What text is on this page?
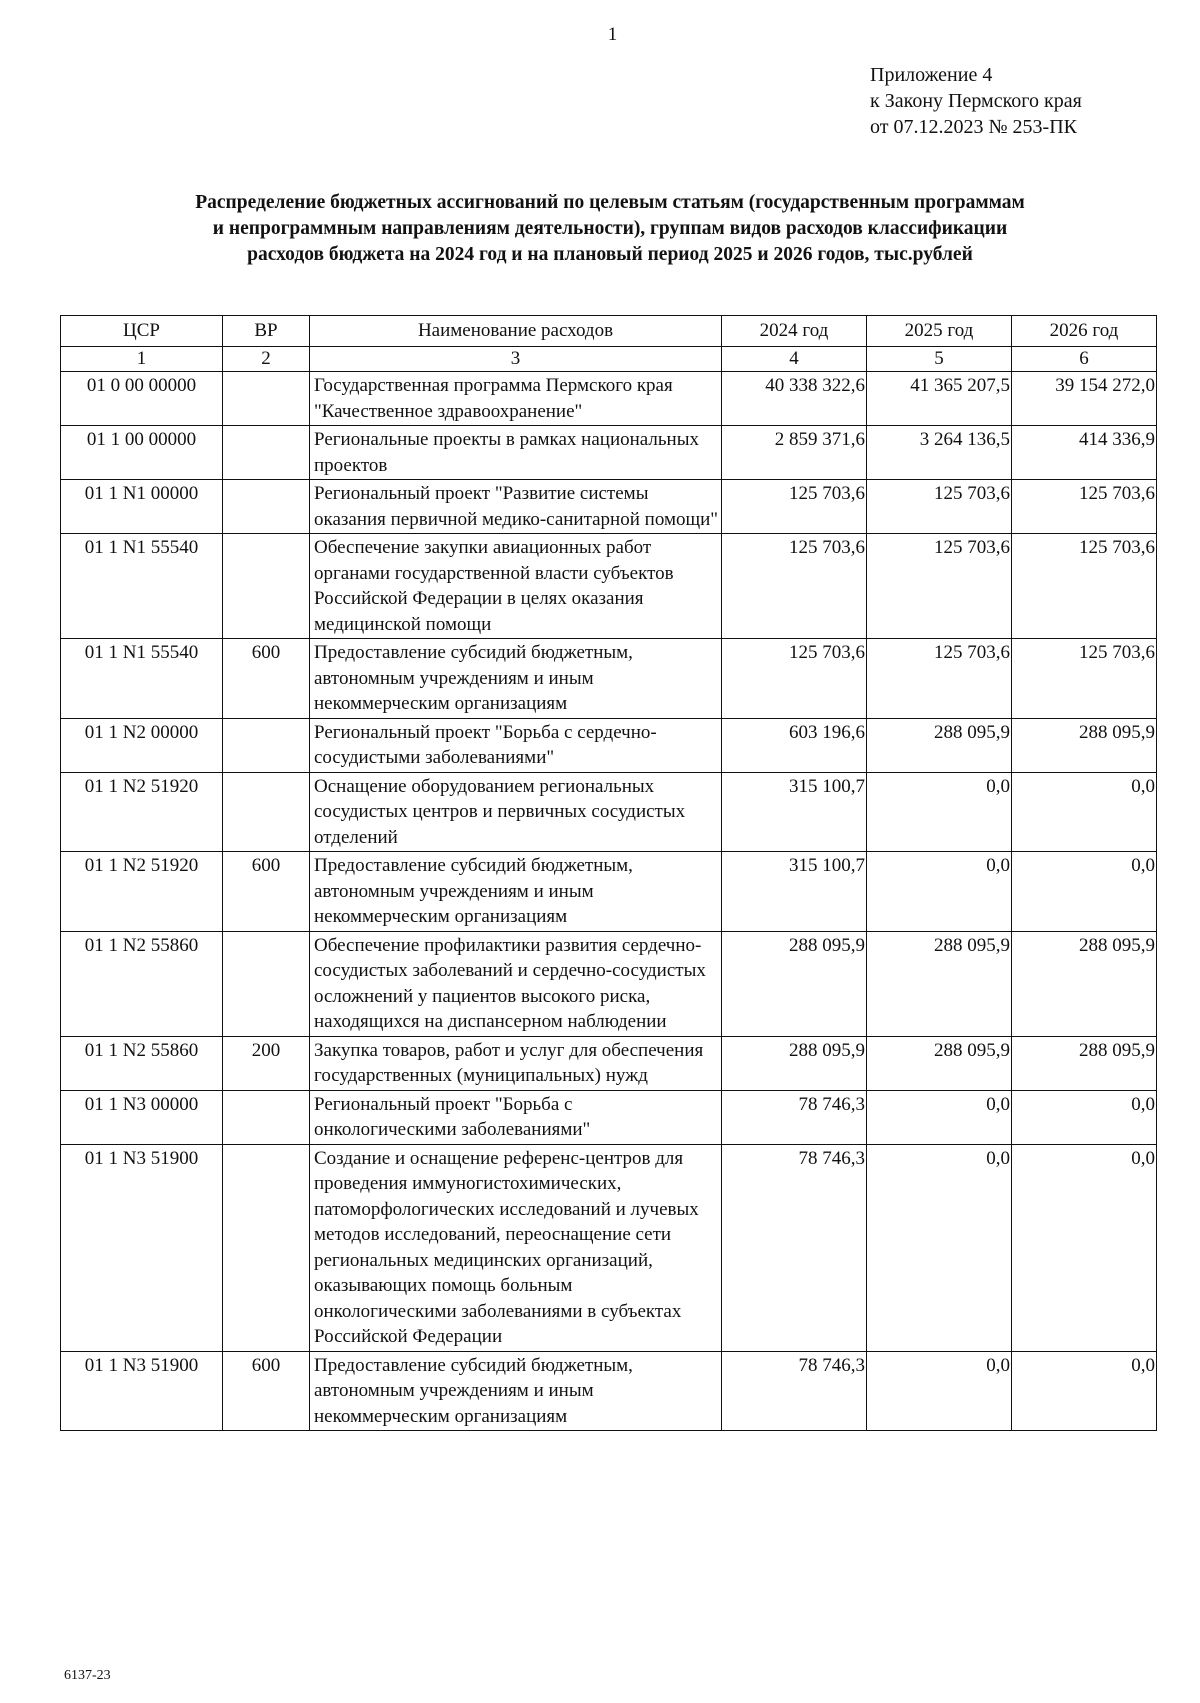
1
Приложение 4
к Закону Пермского края
от 07.12.2023 № 253-ПК
Распределение бюджетных ассигнований по целевым статьям (государственным программам
и непрограммным направлениям деятельности), группам видов расходов классификации
расходов бюджета на 2024 год и на плановый период 2025 и 2026 годов, тыс.рублей
ЦСР	ВР	Наименование расходов	2024 год	2025 год	2026 год
1	2	3	4	5	6
01 0 00 00000		Государственная программа Пермского края "Качественное здравоохранение"	40 338 322,6	41 365 207,5	39 154 272,0
01 1 00 00000		Региональные проекты в рамках национальных проектов	2 859 371,6	3 264 136,5	414 336,9
01 1 N1 00000		Региональный проект "Развитие системы оказания первичной медико-санитарной помощи"	125 703,6	125 703,6	125 703,6
01 1 N1 55540		Обеспечение закупки авиационных работ органами государственной власти субъектов Российской Федерации в целях оказания медицинской помощи	125 703,6	125 703,6	125 703,6
01 1 N1 55540	600	Предоставление субсидий бюджетным, автономным учреждениям и иным некоммерческим организациям	125 703,6	125 703,6	125 703,6
01 1 N2 00000		Региональный проект "Борьба с сердечно-сосудистыми заболеваниями"	603 196,6	288 095,9	288 095,9
01 1 N2 51920		Оснащение оборудованием региональных сосудистых центров и первичных сосудистых отделений	315 100,7	0,0	0,0
01 1 N2 51920	600	Предоставление субсидий бюджетным, автономным учреждениям и иным некоммерческим организациям	315 100,7	0,0	0,0
01 1 N2 55860		Обеспечение профилактики развития сердечно-сосудистых заболеваний и сердечно-сосудистых осложнений у пациентов высокого риска, находящихся на диспансерном наблюдении	288 095,9	288 095,9	288 095,9
01 1 N2 55860	200	Закупка товаров, работ и услуг для обеспечения государственных (муниципальных) нужд	288 095,9	288 095,9	288 095,9
01 1 N3 00000		Региональный проект "Борьба с онкологическими заболеваниями"	78 746,3	0,0	0,0
01 1 N3 51900		Создание и оснащение референс-центров для проведения иммуногистохимических, патоморфологических исследований и лучевых методов исследований, переоснащение сети региональных медицинских организаций, оказывающих помощь больным онкологическими заболеваниями в субъектах Российской Федерации	78 746,3	0,0	0,0
01 1 N3 51900	600	Предоставление субсидий бюджетным, автономным учреждениям и иным некоммерческим организациям	78 746,3	0,0	0,0
6137-23
